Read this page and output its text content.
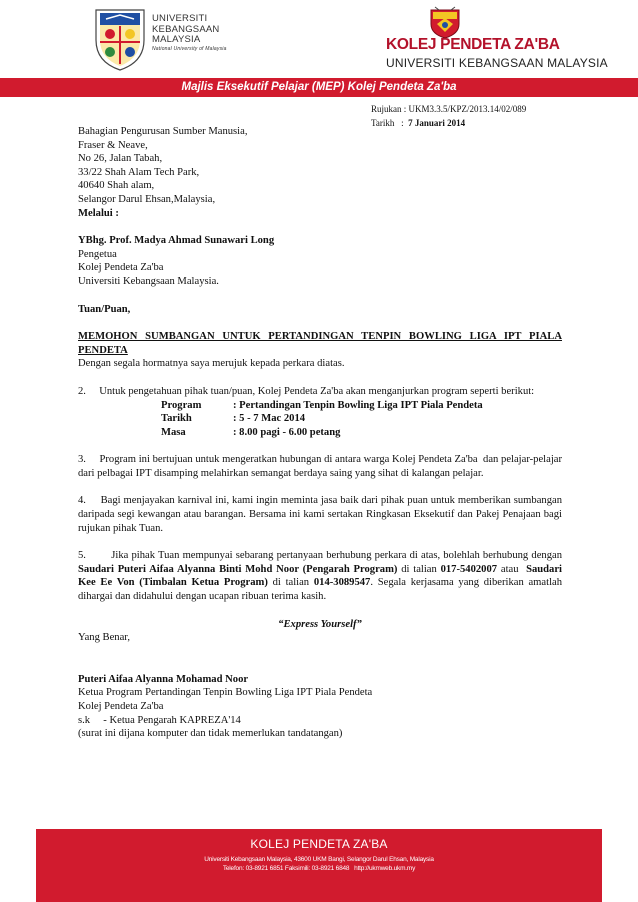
UNIVERSITI
KEBANGSAAN
MALAYSIA
National University of Malaysia	KOLEJ PENDETA ZA'BA
UNIVERSITI KEBANGSAAN MALAYSIA
Majlis Eksekutif Pelajar (MEP) Kolej Pendeta Za'ba
Rujukan : UKM3.3.5/KPZ/2013.14/02/089
Tarikh   :  7 Januari 2014

Bahagian Pengurusan Sumber Manusia,

Fraser & Neave,

No 26, Jalan Tabah,

33/22 Shah Alam Tech Park,

40640 Shah alam,

Selangor Darul Ehsan,Malaysia,

Melalui :

YBhg. Prof. Madya Ahmad Sunawari Long

Pengetua

Kolej Pendeta Za'ba

Universiti Kebangsaan Malaysia.

Tuan/Puan,

MEMOHON SUMBANGAN UNTUK PERTANDINGAN TENPIN BOWLING LIGA IPT PIALA PENDETA

Dengan segala hormatnya saya merujuk kepada perkara diatas.

2.     Untuk pengetahuan pihak tuan/puan, Kolej Pendeta Za'ba akan menganjurkan program seperti berikut:

Program	: Pertandingan Tenpin Bowling Liga IPT Piala Pendeta

Tarikh	: 5 - 7 Mac 2014

Masa	: 8.00 pagi - 6.00 petang

3.     Program ini bertujuan untuk mengeratkan hubungan di antara warga Kolej Pendeta Za'ba  dan pelajar-pelajar dari pelbagai IPT disamping melahirkan semangat berdaya saing yang sihat di kalangan pelajar.

4.     Bagi menjayakan karnival ini, kami ingin meminta jasa baik dari pihak puan untuk memberikan sumbangan daripada segi kewangan atau barangan. Bersama ini kami sertakan Ringkasan Eksekutif dan Pakej Penajaan bagi rujukan pihak Tuan.

5.        Jika pihak Tuan mempunyai sebarang pertanyaan berhubung perkara di atas, bolehlah berhubung dengan Saudari Puteri Aifaa Alyanna Binti Mohd Noor (Pengarah Program) di talian 017-5402007 atau  Saudari Kee Ee Von (Timbalan Ketua Program) di talian 014-3089547. Segala kerjasama yang diberikan amatlah dihargai dan didahului dengan ucapan ribuan terima kasih.

“Express Yourself”

Yang Benar,

Puteri Aifaa Alyanna Mohamad Noor

Ketua Program Pertandingan Tenpin Bowling Liga IPT Piala Pendeta

Kolej Pendeta Za'ba

s.k     - Ketua Pengarah KAPREZA'14

(surat ini dijana komputer dan tidak memerlukan tandatangan)

KOLEJ PENDETA ZA'BA
Universiti Kebangsaan Malaysia, 43600 UKM Bangi, Selangor Darul Ehsan, Malaysia
Telefon: 03-8921 6851 Faksimili: 03-8921 6848   http://ukmweb.ukm.my
